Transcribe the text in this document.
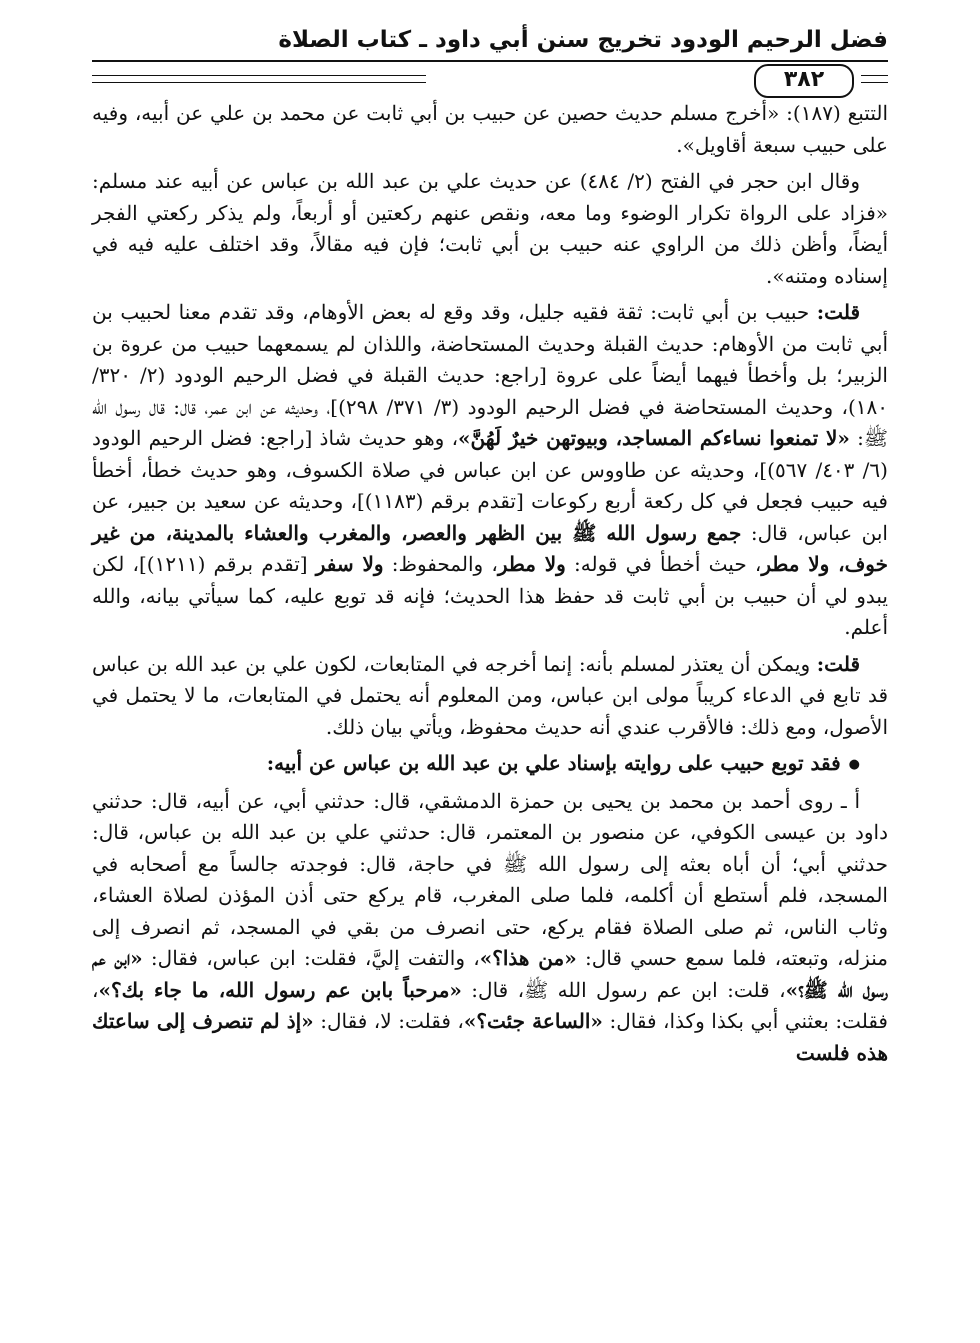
فضل الرحيم الودود تخريج سنن أبي داود ـ كتاب الصلاة
٣٨٢

التتبع (١٨٧): «أخرج مسلم حديث حصين عن حبيب بن أبي ثابت عن محمد بن علي عن أبيه، وفيه على حبيب سبعة أقاويل».

وقال ابن حجر في الفتح (٢/ ٤٨٤) عن حديث علي بن عبد الله بن عباس عن أبيه عند مسلم: «فزاد على الرواة تكرار الوضوء وما معه، ونقص عنهم ركعتين أو أربعاً، ولم يذكر ركعتي الفجر أيضاً، وأظن ذلك من الراوي عنه حبيب بن أبي ثابت؛ فإن فيه مقالاً، وقد اختلف عليه فيه في إسناده ومتنه».

قلت: حبيب بن أبي ثابت: ثقة فقيه جليل، وقد وقع له بعض الأوهام، وقد تقدم معنا لحبيب بن أبي ثابت من الأوهام: حديث القبلة وحديث المستحاضة، واللذان لم يسمعهما حبيب من عروة بن الزبير؛ بل وأخطأ فيهما أيضاً على عروة [راجع: حديث القبلة في فضل الرحيم الودود (٢/ ٣٢٠/ ١٨٠)، وحديث المستحاضة في فضل الرحيم الودود (٣/ ٣٧١/ ٢٩٨)]، وحديثه عن ابن عمر، قال: قال رسول الله ﷺ: «لا تمنعوا نساءكم المساجد، وبيوتهن خيرٌ لَهُنَّ»، وهو حديث شاذ [راجع: فضل الرحيم الودود (٦/ ٤٠٣/ ٥٦٧)]، وحديثه عن طاووس عن ابن عباس في صلاة الكسوف، وهو حديث خطأ، أخطأ فيه حبيب فجعل في كل ركعة أربع ركوعات [تقدم برقم (١١٨٣)]، وحديثه عن سعيد بن جبير، عن ابن عباس، قال: جمع رسول الله ﷺ بين الظهر والعصر، والمغرب والعشاء بالمدينة، من غير خوف، ولا مطر، حيث أخطأ في قوله: ولا مطر، والمحفوظ: ولا سفر [تقدم برقم (١٢١١)]، لكن يبدو لي أن حبيب بن أبي ثابت قد حفظ هذا الحديث؛ فإنه قد توبع عليه، كما سيأتي بيانه، والله أعلم.

قلت: ويمكن أن يعتذر لمسلم بأنه: إنما أخرجه في المتابعات، لكون علي بن عبد الله بن عباس قد تابع في الدعاء كريباً مولى ابن عباس، ومن المعلوم أنه يحتمل في المتابعات، ما لا يحتمل في الأصول، ومع ذلك: فالأقرب عندي أنه حديث محفوظ، ويأتي بيان ذلك.

● فقد توبع حبيب على روايته بإسناد علي بن عبد الله بن عباس عن أبيه:

أ ـ روى أحمد بن محمد بن يحيى بن حمزة الدمشقي، قال: حدثني أبي، عن أبيه، قال: حدثني داود بن عيسى الكوفي، عن منصور بن المعتمر، قال: حدثني علي بن عبد الله بن عباس، قال: حدثني أبي؛ أن أباه بعثه إلى رسول الله ﷺ في حاجة، قال: فوجدته جالساً مع أصحابه في المسجد، فلم أستطع أن أكلمه، فلما صلى المغرب، قام يركع حتى أذن المؤذن لصلاة العشاء، وثاب الناس، ثم صلى الصلاة فقام يركع، حتى انصرف من بقي في المسجد، ثم انصرف إلى منزله، وتبعته، فلما سمع حسي قال: «من هذا؟»، والتفت إليَّ، فقلت: ابن عباس، فقال: «ابن عم رسول الله ﷺ؟»، قلت: ابن عم رسول الله ﷺ، قال: «مرحباً بابن عم رسول الله، ما جاء بك؟»، فقلت: بعثني أبي بكذا وكذا، فقال: «الساعة جئت؟»، فقلت: لا، فقال: «إذ لم تنصرف إلى ساعتك هذه فلست
